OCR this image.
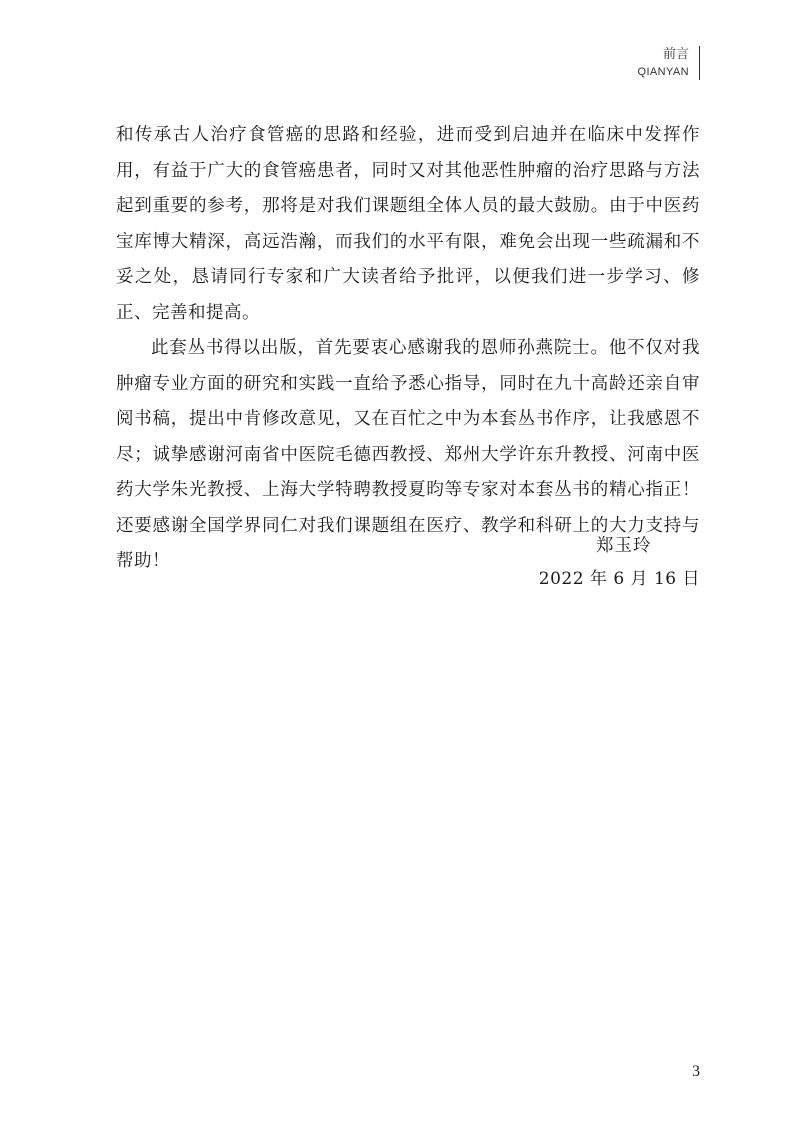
前言
QIANYAN

和传承古人治疗食管癌的思路和经验，进而受到启迪并在临床中发挥作用，有益于广大的食管癌患者，同时又对其他恶性肿瘤的治疗思路与方法起到重要的参考，那将是对我们课题组全体人员的最大鼓励。由于中医药宝库博大精深，高远浩瀚，而我们的水平有限，难免会出现一些疏漏和不妥之处，恳请同行专家和广大读者给予批评，以便我们进一步学习、修正、完善和提高。

此套丛书得以出版，首先要衷心感谢我的恩师孙燕院士。他不仅对我肿瘤专业方面的研究和实践一直给予悉心指导，同时在九十高龄还亲自审阅书稿，提出中肯修改意见，又在百忙之中为本套丛书作序，让我感恩不尽；诚挚感谢河南省中医院毛德西教授、郑州大学许东升教授、河南中医药大学朱光教授、上海大学特聘教授夏昀等专家对本套丛书的精心指正！还要感谢全国学界同仁对我们课题组在医疗、教学和科研上的大力支持与帮助！

郑玉玲
2022 年 6 月 16 日
3
